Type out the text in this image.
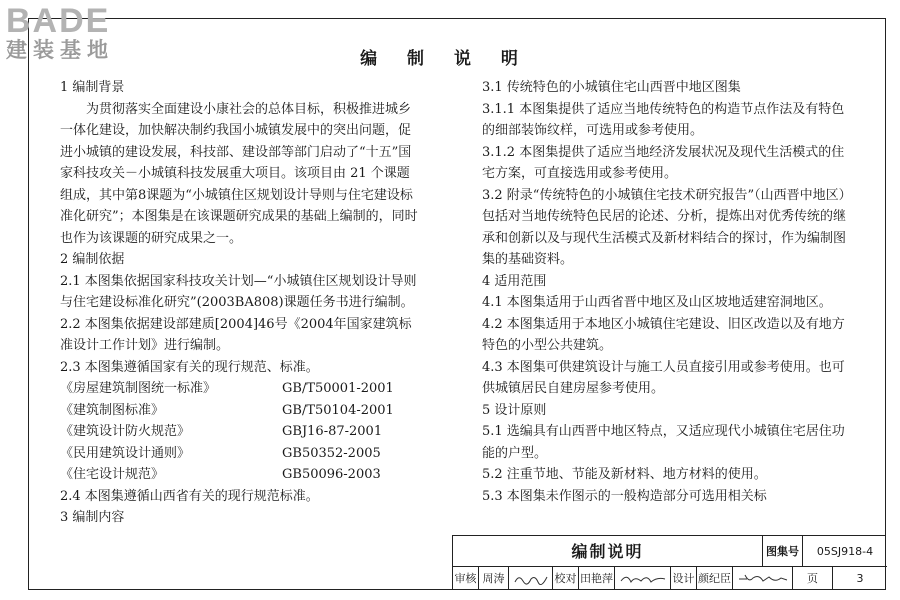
BADE
建装基地	编 制 说 明

1 编制背景

为贯彻落实全面建设小康社会的总体目标，积极推进城乡一体化建设，加快解决制约我国小城镇发展中的突出问题，促进小城镇的建设发展，科技部、建设部等部门启动了“十五”国家科技攻关－小城镇科技发展重大项目。该项目由 21 个课题组成，其中第8课题为“小城镇住区规划设计导则与住宅建设标准化研究”；本图集是在该课题研究成果的基础上编制的，同时也作为该课题的研究成果之一。

2 编制依据

2.1 本图集依据国家科技攻关计划—“小城镇住区规划设计导则与住宅建设标准化研究”(2003BA808)课题任务书进行编制。

2.2 本图集依据建设部建质[2004]46号《2004年国家建筑标准设计工作计划》进行编制。

2.3 本图集遵循国家有关的现行规范、标准。

《房屋建筑制图统一标准》	GB/T50001-2001
《建筑制图标准》	GB/T50104-2001
《建筑设计防火规范》	GBJ16-87-2001
《民用建筑设计通则》	GB50352-2005
《住宅设计规范》	GB50096-2003

2.4 本图集遵循山西省有关的现行规范标准。

3 编制内容

3.1 传统特色的小城镇住宅山西晋中地区图集

3.1.1 本图集提供了适应当地传统特色的构造节点作法及有特色的细部装饰纹样，可选用或参考使用。

3.1.2 本图集提供了适应当地经济发展状况及现代生活模式的住宅方案，可直接选用或参考使用。

3.2 附录“传统特色的小城镇住宅技术研究报告”（山西晋中地区）包括对当地传统特色民居的论述、分析，提炼出对优秀传统的继承和创新以及与现代生活模式及新材料结合的探讨，作为编制图集的基础资料。

4 适用范围

4.1 本图集适用于山西省晋中地区及山区坡地适建窑洞地区。

4.2 本图集适用于本地区小城镇住宅建设、旧区改造以及有地方特色的小型公共建筑。

4.3 本图集可供建筑设计与施工人员直接引用或参考使用。也可供城镇居民自建房屋参考使用。

5 设计原则

5.1 选编具有山西晋中地区特点，又适应现代小城镇住宅居住功能的户型。

5.2 注重节地、节能及新材料、地方材料的使用。

5.3 本图集未作图示的一般构造部分可选用相关标

编制说明	图集号	05SJ918-4
审核 周涛	校对 田艳萍	设计 颜纪臣	页	3
